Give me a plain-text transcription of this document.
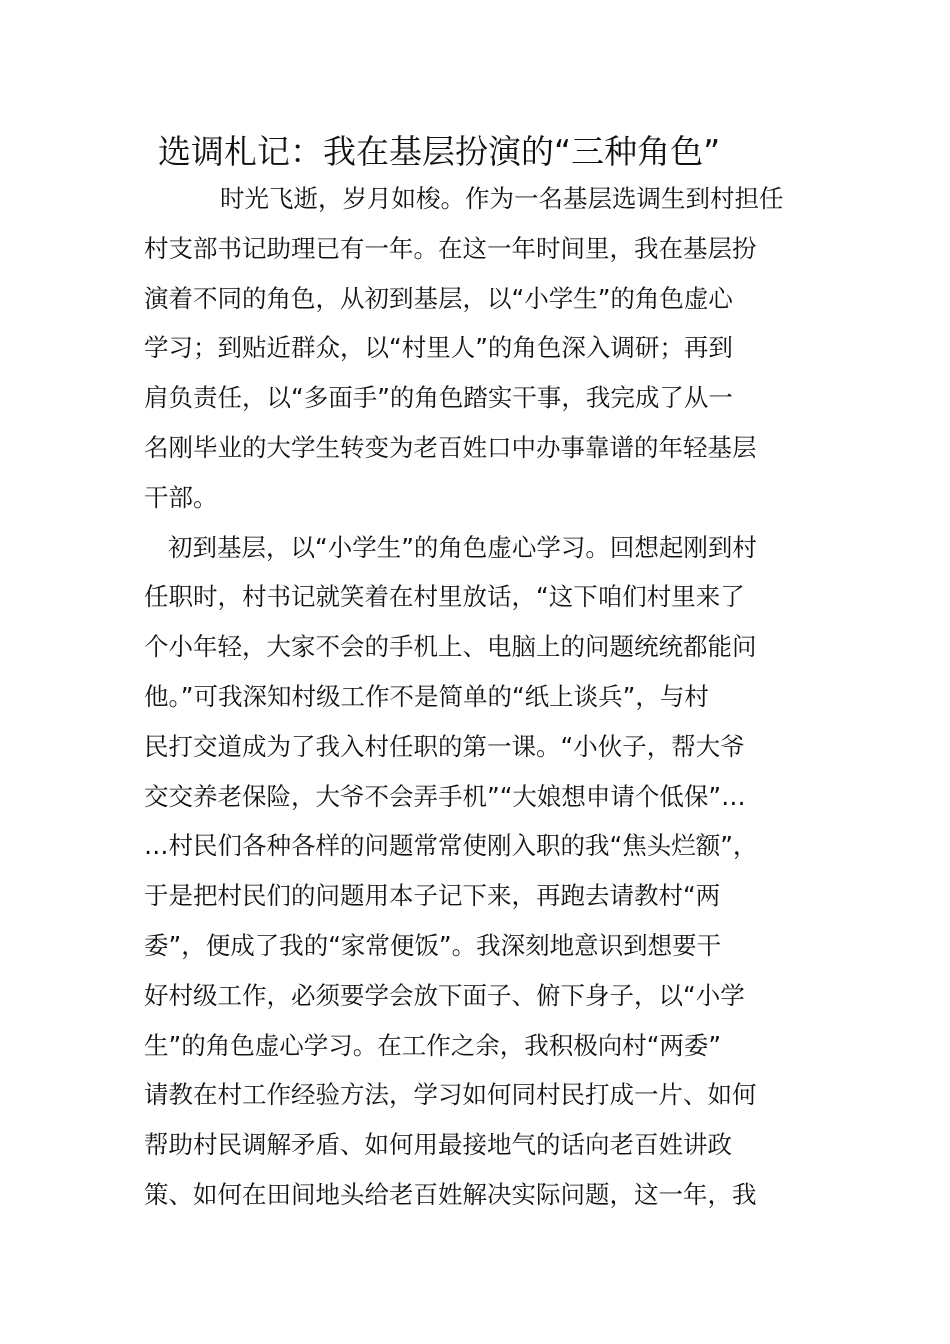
选调札记：我在基层扮演的“三种角色”
时光飞逝，岁月如梭。作为一名基层选调生到村担任
村支部书记助理已有一年。在这一年时间里，我在基层扮
演着不同的角色，从初到基层，以“小学生”的角色虚心
学习；到贴近群众，以“村里人”的角色深入调研；再到
肩负责任，以“多面手”的角色踏实干事，我完成了从一
名刚毕业的大学生转变为老百姓口中办事靠谱的年轻基层
干部。
初到基层，以“小学生”的角色虚心学习。回想起刚到村
任职时，村书记就笑着在村里放话，“这下咱们村里来了
个小年轻，大家不会的手机上、电脑上的问题统统都能问
他。”可我深知村级工作不是简单的“纸上谈兵”，与村
民打交道成为了我入村任职的第一课。“小伙子，帮大爷
交交养老保险，大爷不会弄手机”“大娘想申请个低保”…
…村民们各种各样的问题常常使刚入职的我“焦头烂额”，
于是把村民们的问题用本子记下来，再跑去请教村“两
委”，便成了我的“家常便饭”。我深刻地意识到想要干
好村级工作，必须要学会放下面子、俯下身子，以“小学
生”的角色虚心学习。在工作之余，我积极向村“两委”
请教在村工作经验方法，学习如何同村民打成一片、如何
帮助村民调解矛盾、如何用最接地气的话向老百姓讲政
策、如何在田间地头给老百姓解决实际问题，这一年，我
